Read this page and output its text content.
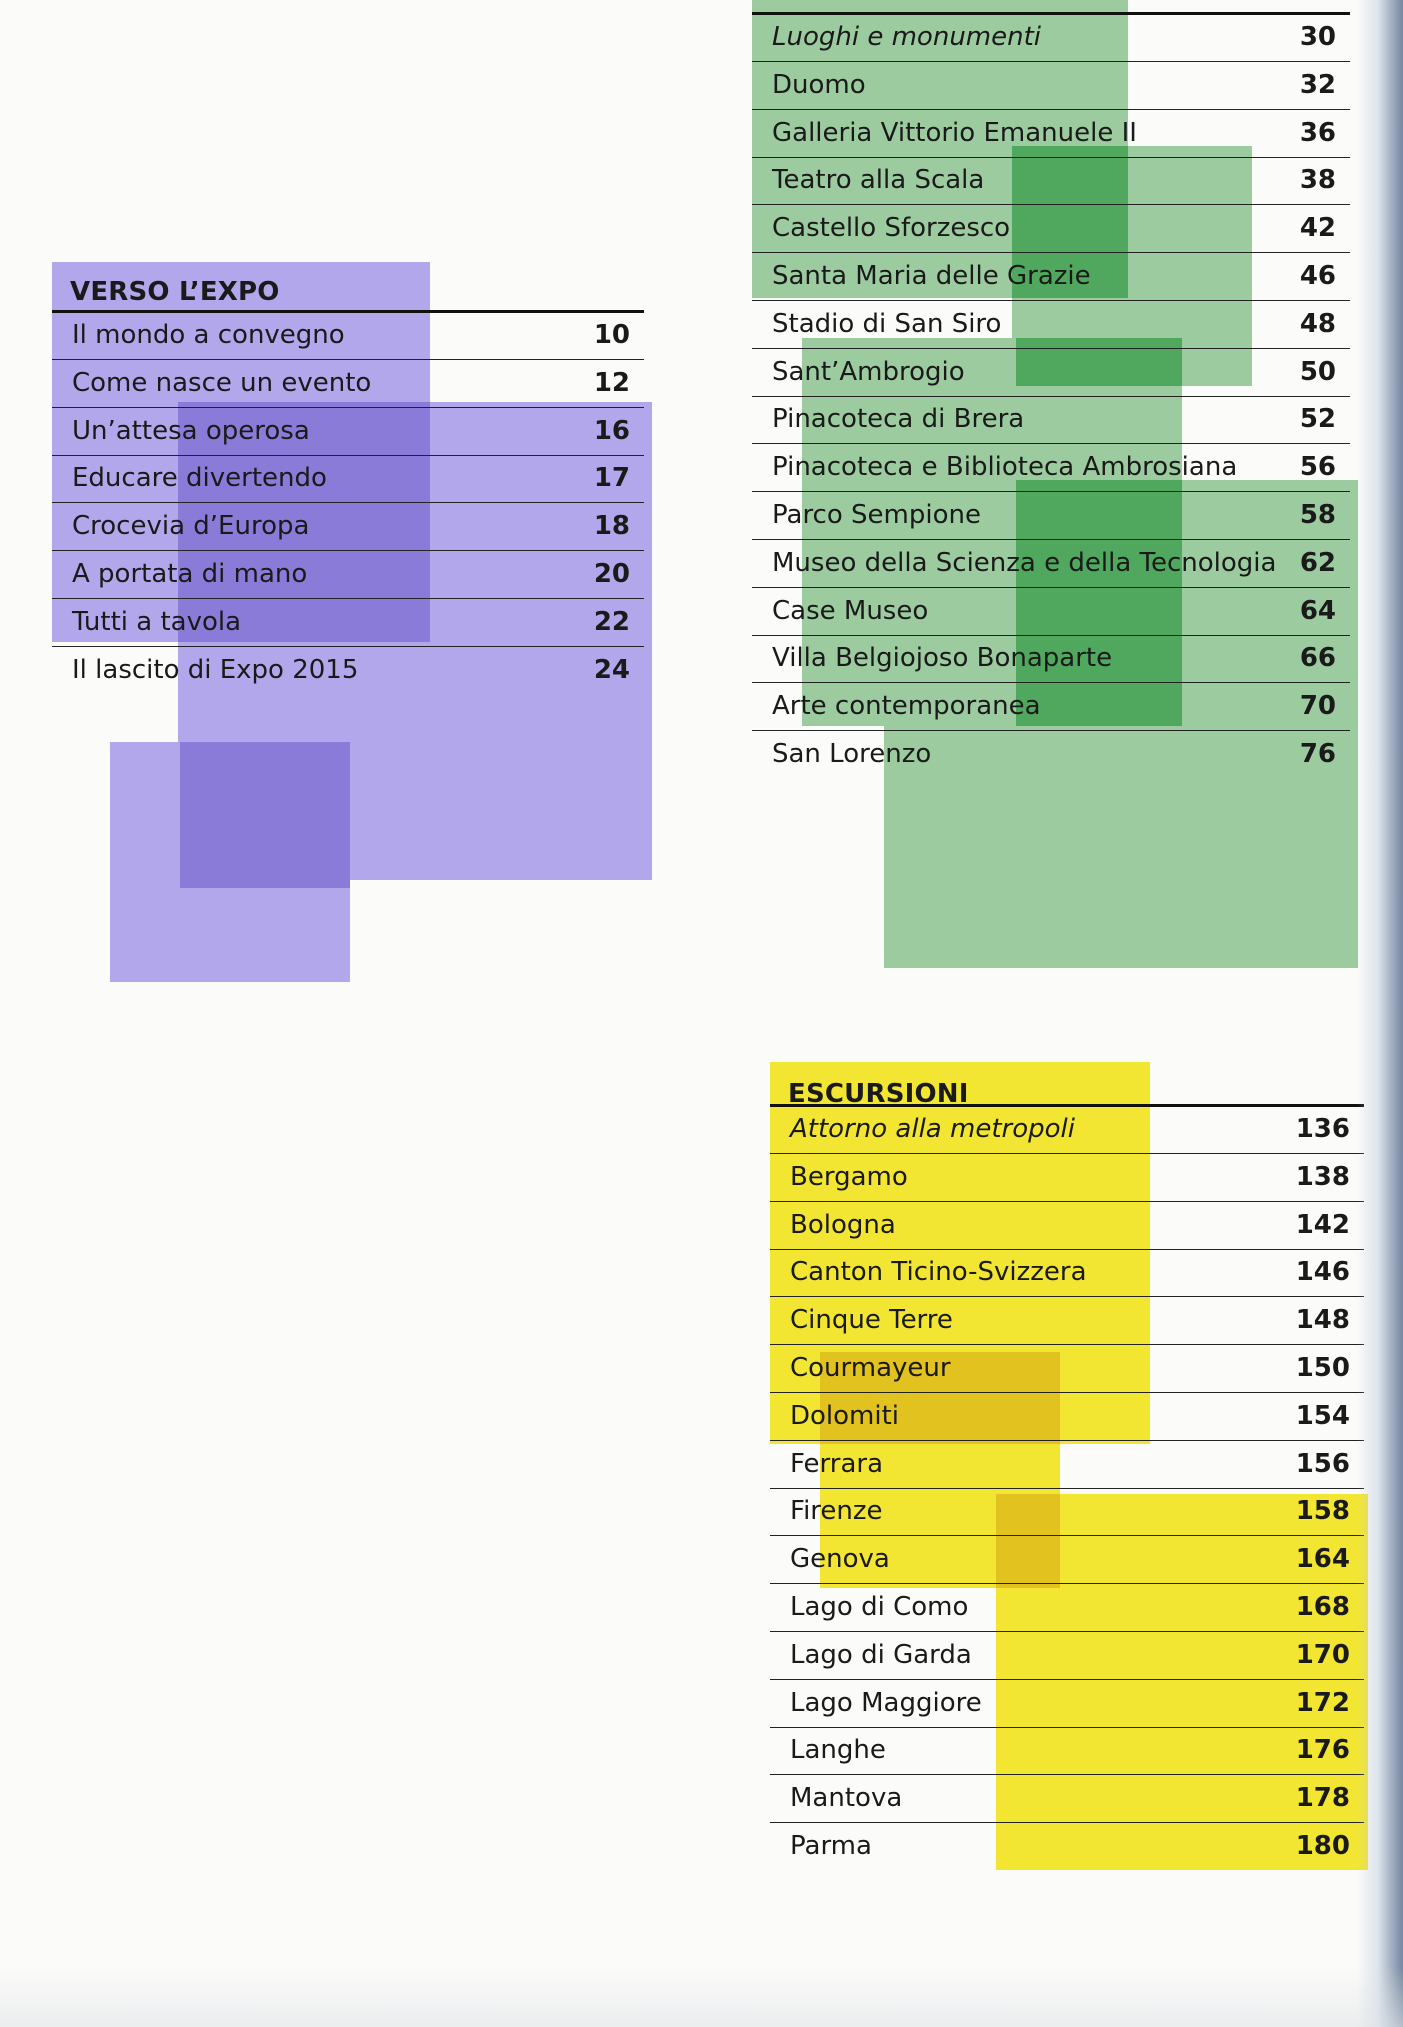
VERSO L’EXPO
Il mondo a convegno	10
Come nasce un evento	12
Un’attesa operosa	16
Educare divertendo	17
Crocevia d’Europa	18
A portata di mano	20
Tutti a tavola	22
Il lascito di Expo 2015	24
Luoghi e monumenti	30
Duomo	32
Galleria Vittorio Emanuele II	36
Teatro alla Scala	38
Castello Sforzesco	42
Santa Maria delle Grazie	46
Stadio di San Siro	48
Sant’Ambrogio	50
Pinacoteca di Brera	52
Pinacoteca e Biblioteca Ambrosiana 56
Parco Sempione	58
Museo della Scienza e della Tecnologia 62
Case Museo	64
Villa Belgiojoso Bonaparte	66
Arte contemporanea	70
San Lorenzo	76
ESCURSIONI
Attorno alla metropoli	136
Bergamo	138
Bologna	142
Canton Ticino-Svizzera	146
Cinque Terre	148
Courmayeur	150
Dolomiti	154
Ferrara	156
Firenze	158
Genova	164
Lago di Como	168
Lago di Garda	170
Lago Maggiore	172
Langhe	176
Mantova	178
Parma	180
